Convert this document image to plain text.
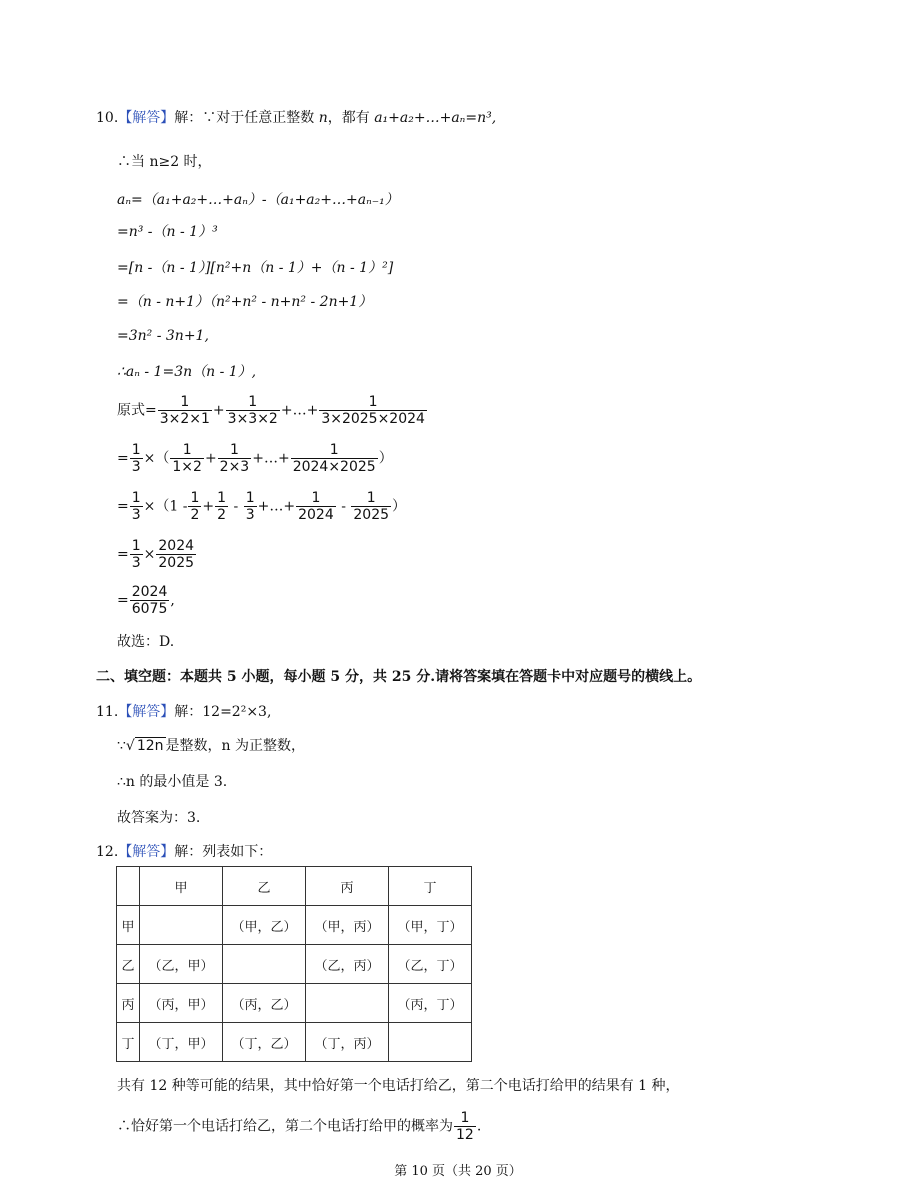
10.【解答】解：∵对于任意正整数 n，都有 a₁+a₂+…+aₙ=n³,
∴当 n≥2 时，
aₙ=（a₁+a₂+…+aₙ）-（a₁+a₂+…+aₙ₋₁）
=n³ -（n - 1）³
=[n -（n - 1）][n²+n（n - 1）+（n - 1）²]
=（n - n+1）（n²+n² - n+n² - 2n+1）
=3n² - 3n+1,
∴aₙ - 1=3n（n - 1）,
原式= $\frac{1}{3\times 2\times 1} + \frac{1}{3\times 3\times 2}$ +…+ $\frac{1}{3\times 2025\times 2024}$
= $\frac{1}{3}$ ×（ $\frac{1}{1\times 2} + \frac{1}{2\times 3}$ +…+ $\frac{1}{2024\times 2025}$ ）
= $\frac{1}{3} \times(1 - \frac{1}{2} + \frac{1}{2} - \frac{1}{3}$ +…+ $\frac{1}{2024} - \frac{1}{2025}$ ）
= $\frac{1}{3} \times \frac{2024}{2025}$
= $\frac{2024}{6075}$ ,
故选：D.
二、填空题：本题共 5 小题，每小题 5 分，共 25 分.请将答案填在答题卡中对应题号的横线上。
11.【解答】解：12=2²×3,
∵√ 12n 是整数，n 为正整数，
∴n 的最小值是 3.
故答案为：3.
12.【解答】解：列表如下：
	甲	乙	丙	丁
甲		（甲，乙）	（甲，丙）	（甲，丁）
乙	（乙，甲）		（乙，丙）	（乙，丁）
丙	（丙，甲）	（丙，乙）		（丙，丁）
丁	（丁，甲）	（丁，乙）	（丁，丙）	
共有 12 种等可能的结果，其中恰好第一个电话打给乙，第二个电话打给甲的结果有 1 种，
∴恰好第一个电话打给乙，第二个电话打给甲的概率为 $\frac{1}{12}$ .
第 10 页（共 20 页）
